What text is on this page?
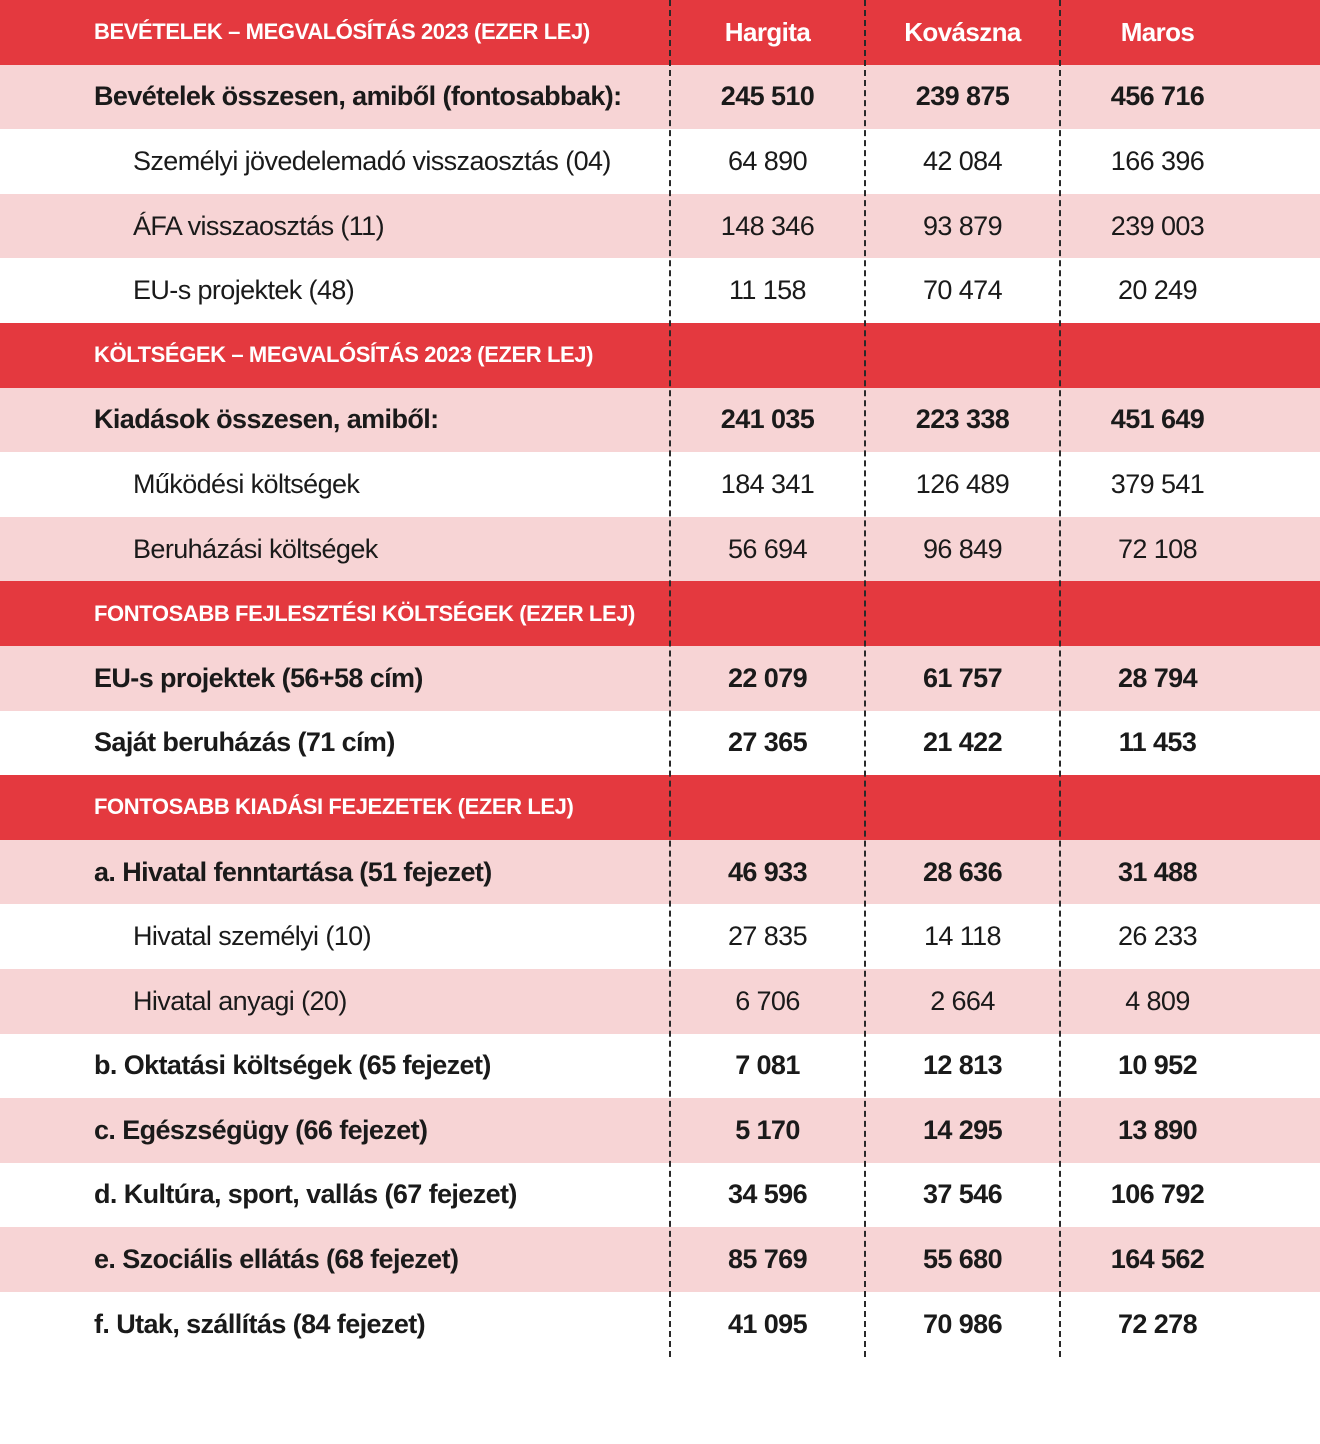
BEVÉTELEK – MEGVALÓSÍTÁS 2023 (EZER LEJ)	Hargita	Kovászna	Maros
Bevételek összesen, amiből (fontosabbak):	245 510	239 875	456 716
Személyi jövedelemadó visszaosztás (04)	64 890	42 084	166 396
ÁFA visszaosztás (11)	148 346	93 879	239 003
EU-s projektek (48)	11 158	70 474	20 249
KÖLTSÉGEK – MEGVALÓSÍTÁS 2023 (EZER LEJ)
Kiadások összesen, amiből:	241 035	223 338	451 649
Működési költségek	184 341	126 489	379 541
Beruházási költségek	56 694	96 849	72 108
FONTOSABB FEJLESZTÉSI KÖLTSÉGEK (EZER LEJ)
EU-s projektek (56+58 cím)	22 079	61 757	28 794
Saját beruházás (71 cím)	27 365	21 422	11 453
FONTOSABB KIADÁSI FEJEZETEK (EZER LEJ)
a. Hivatal fenntartása (51 fejezet)	46 933	28 636	31 488
Hivatal személyi (10)	27 835	14 118	26 233
Hivatal anyagi (20)	6 706	2 664	4 809
b. Oktatási költségek (65 fejezet)	7 081	12 813	10 952
c. Egészségügy (66 fejezet)	5 170	14 295	13 890
d. Kultúra, sport, vallás (67 fejezet)	34 596	37 546	106 792
e. Szociális ellátás (68 fejezet)	85 769	55 680	164 562
f. Utak, szállítás (84 fejezet)	41 095	70 986	72 278
